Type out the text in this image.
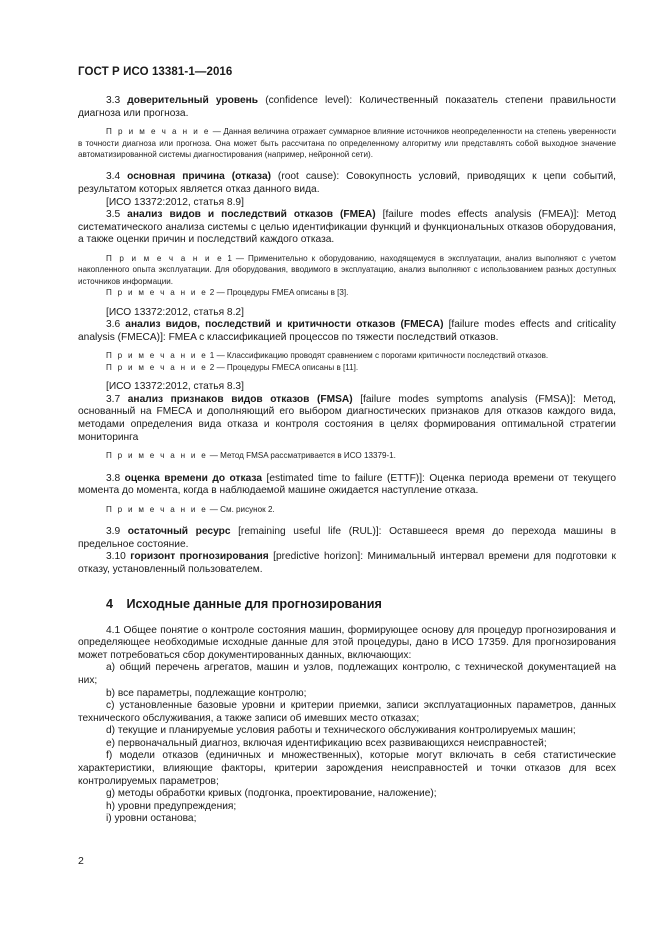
ГОСТ Р ИСО 13381-1—2016

3.3 доверительный уровень (confidence level): Количественный показатель степени правильности диагноза или прогноза.

П р и м е ч а н и е — Данная величина отражает суммарное влияние источников неопределенности на степень уверенности в точности диагноза или прогноза. Она может быть рассчитана по определенному алгоритму или представлять собой выходное значение автоматизированной системы диагностирования (например, нейронной сети).

3.4 основная причина (отказа) (root cause): Совокупность условий, приводящих к цепи событий, результатом которых является отказ данного вида.

[ИСО 13372:2012, статья 8.9]

3.5 анализ видов и последствий отказов (FMEA) [failure modes effects analysis (FMEA)]: Метод систематического анализа системы с целью идентификации функций и функциональных отказов оборудования, а также оценки причин и последствий каждого отказа.

П р и м е ч а н и е 1 — Применительно к оборудованию, находящемуся в эксплуатации, анализ выполняют с учетом накопленного опыта эксплуатации. Для оборудования, вводимого в эксплуатацию, анализ выполняют с использованием разных доступных источников информации.

П р и м е ч а н и е 2 — Процедуры FMEA описаны в [3].

[ИСО 13372:2012, статья 8.2]

3.6 анализ видов, последствий и критичности отказов (FMECA) [failure modes effects and criticality analysis (FMECA)]: FMEA с классификацией процессов по тяжести последствий отказов.

П р и м е ч а н и е 1 — Классификацию проводят сравнением с порогами критичности последствий отказов.

П р и м е ч а н и е 2 — Процедуры FMECA описаны в [11].

[ИСО 13372:2012, статья 8.3]

3.7 анализ признаков видов отказов (FMSA) [failure modes symptoms analysis (FMSA)]: Метод, основанный на FMECA и дополняющий его выбором диагностических признаков для отказов каждого вида, методами определения вида отказа и контроля состояния в целях формирования оптимальной стратегии мониторинга

П р и м е ч а н и е — Метод FMSA рассматривается в ИСО 13379-1.

3.8 оценка времени до отказа [estimated time to failure (ETTF)]: Оценка периода времени от текущего момента до момента, когда в наблюдаемой машине ожидается наступление отказа.

П р и м е ч а н и е — См. рисунок 2.

3.9 остаточный ресурс [remaining useful life (RUL)]: Оставшееся время до перехода машины в предельное состояние.

3.10 горизонт прогнозирования [predictive horizon]: Минимальный интервал времени для подготовки к отказу, установленный пользователем.

4 Исходные данные для прогнозирования

4.1 Общее понятие о контроле состояния машин, формирующее основу для процедур прогнозирования и определяющее необходимые исходные данные для этой процедуры, дано в ИСО 17359. Для прогнозирования может потребоваться сбор документированных данных, включающих:

a) общий перечень агрегатов, машин и узлов, подлежащих контролю, с технической документацией на них;

b) все параметры, подлежащие контролю;

c) установленные базовые уровни и критерии приемки, записи эксплуатационных параметров, данных технического обслуживания, а также записи об имевших место отказах;

d) текущие и планируемые условия работы и технического обслуживания контролируемых машин;

e) первоначальный диагноз, включая идентификацию всех развивающихся неисправностей;

f) модели отказов (единичных и множественных), которые могут включать в себя статистические характеристики, влияющие факторы, критерии зарождения неисправностей и точки отказов для всех контролируемых параметров;

g) методы обработки кривых (подгонка, проектирование, наложение);

h) уровни предупреждения;

i) уровни останова;

2
